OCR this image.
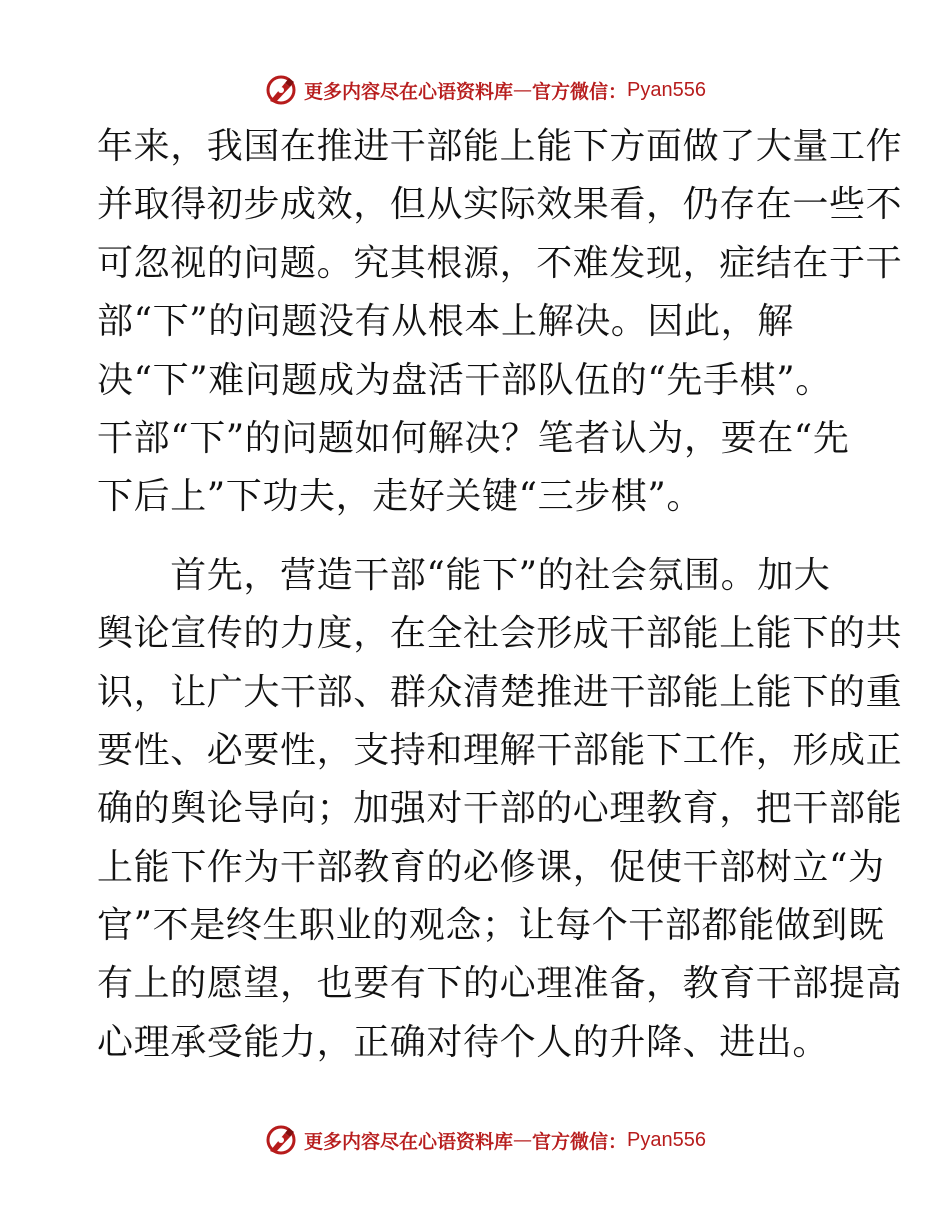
更多内容尽在心语资料库 — 官方微信： Pyan556
年来，我国在推进干部能上能下方面做了大量工作
并取得初步成效，但从实际效果看，仍存在一些不
可忽视的问题。究其根源，不难发现，症结在于干
部“下”的问题没有从根本上解决。因此，解
决“下”难问题成为盘活干部队伍的“先手棋”。
干部“下”的问题如何解决？笔者认为，要在“先
下后上”下功夫，走好关键“三步棋”。
　　首先，营造干部“能下”的社会氛围。加大
舆论宣传的力度，在全社会形成干部能上能下的共
识，让广大干部、群众清楚推进干部能上能下的重
要性、必要性，支持和理解干部能下工作，形成正
确的舆论导向；加强对干部的心理教育，把干部能
上能下作为干部教育的必修课，促使干部树立“为
官”不是终生职业的观念；让每个干部都能做到既
有上的愿望，也要有下的心理准备，教育干部提高
心理承受能力，正确对待个人的升降、进出。
更多内容尽在心语资料库 — 官方微信： Pyan556
